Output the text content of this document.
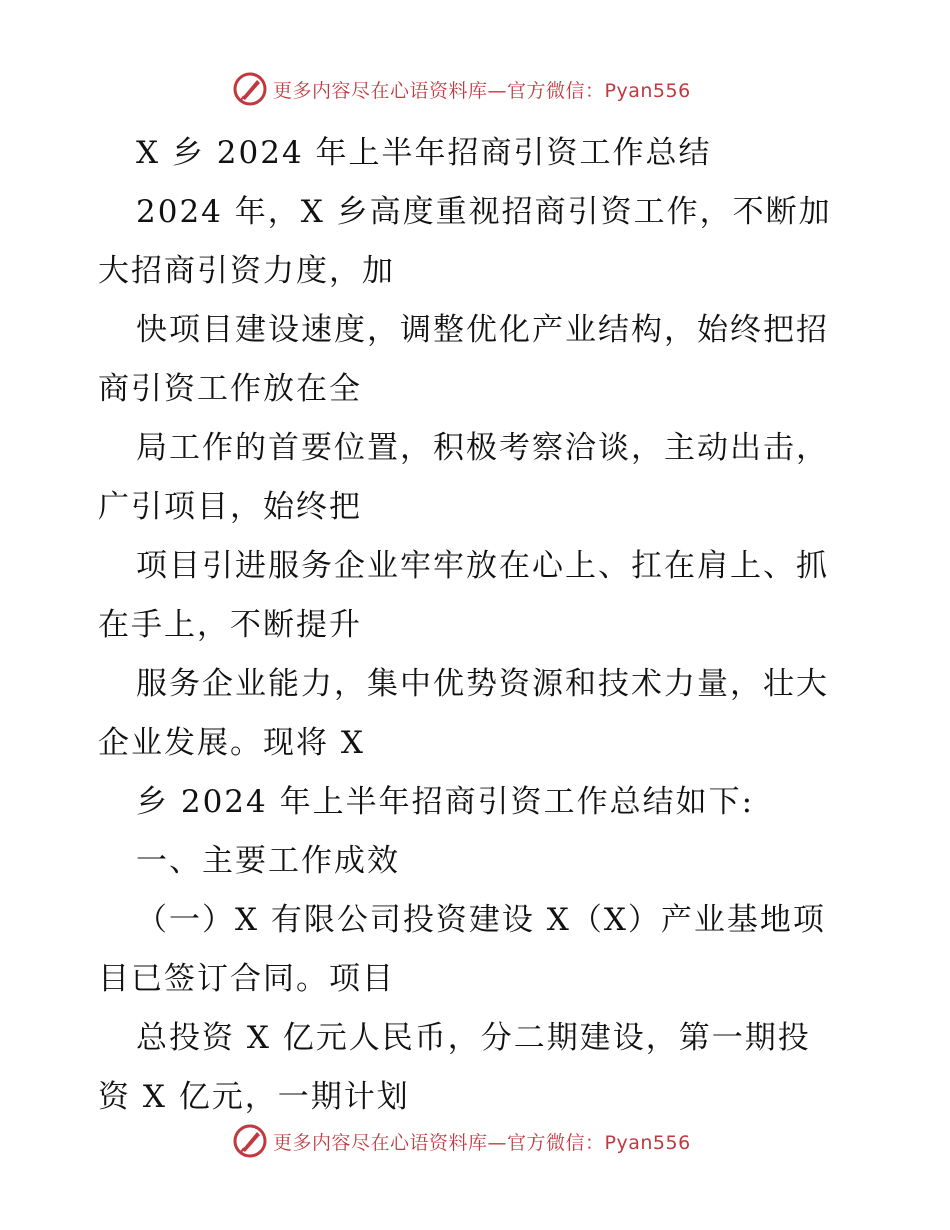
更多内容尽在心语资料库—官方微信：Pyan556
X 乡 2024 年上半年招商引资工作总结
2024 年，X 乡高度重视招商引资工作，不断加
大招商引资力度，加
快项目建设速度，调整优化产业结构，始终把招
商引资工作放在全
局工作的首要位置，积极考察洽谈，主动出击，
广引项目，始终把
项目引进服务企业牢牢放在心上、扛在肩上、抓
在手上，不断提升
服务企业能力，集中优势资源和技术力量，壮大
企业发展。现将 X
乡 2024 年上半年招商引资工作总结如下:
一、主要工作成效
（一）X 有限公司投资建设 X（X）产业基地项
目已签订合同。项目
总投资 X 亿元人民币，分二期建设，第一期投
资 X 亿元，一期计划
更多内容尽在心语资料库—官方微信：Pyan556
